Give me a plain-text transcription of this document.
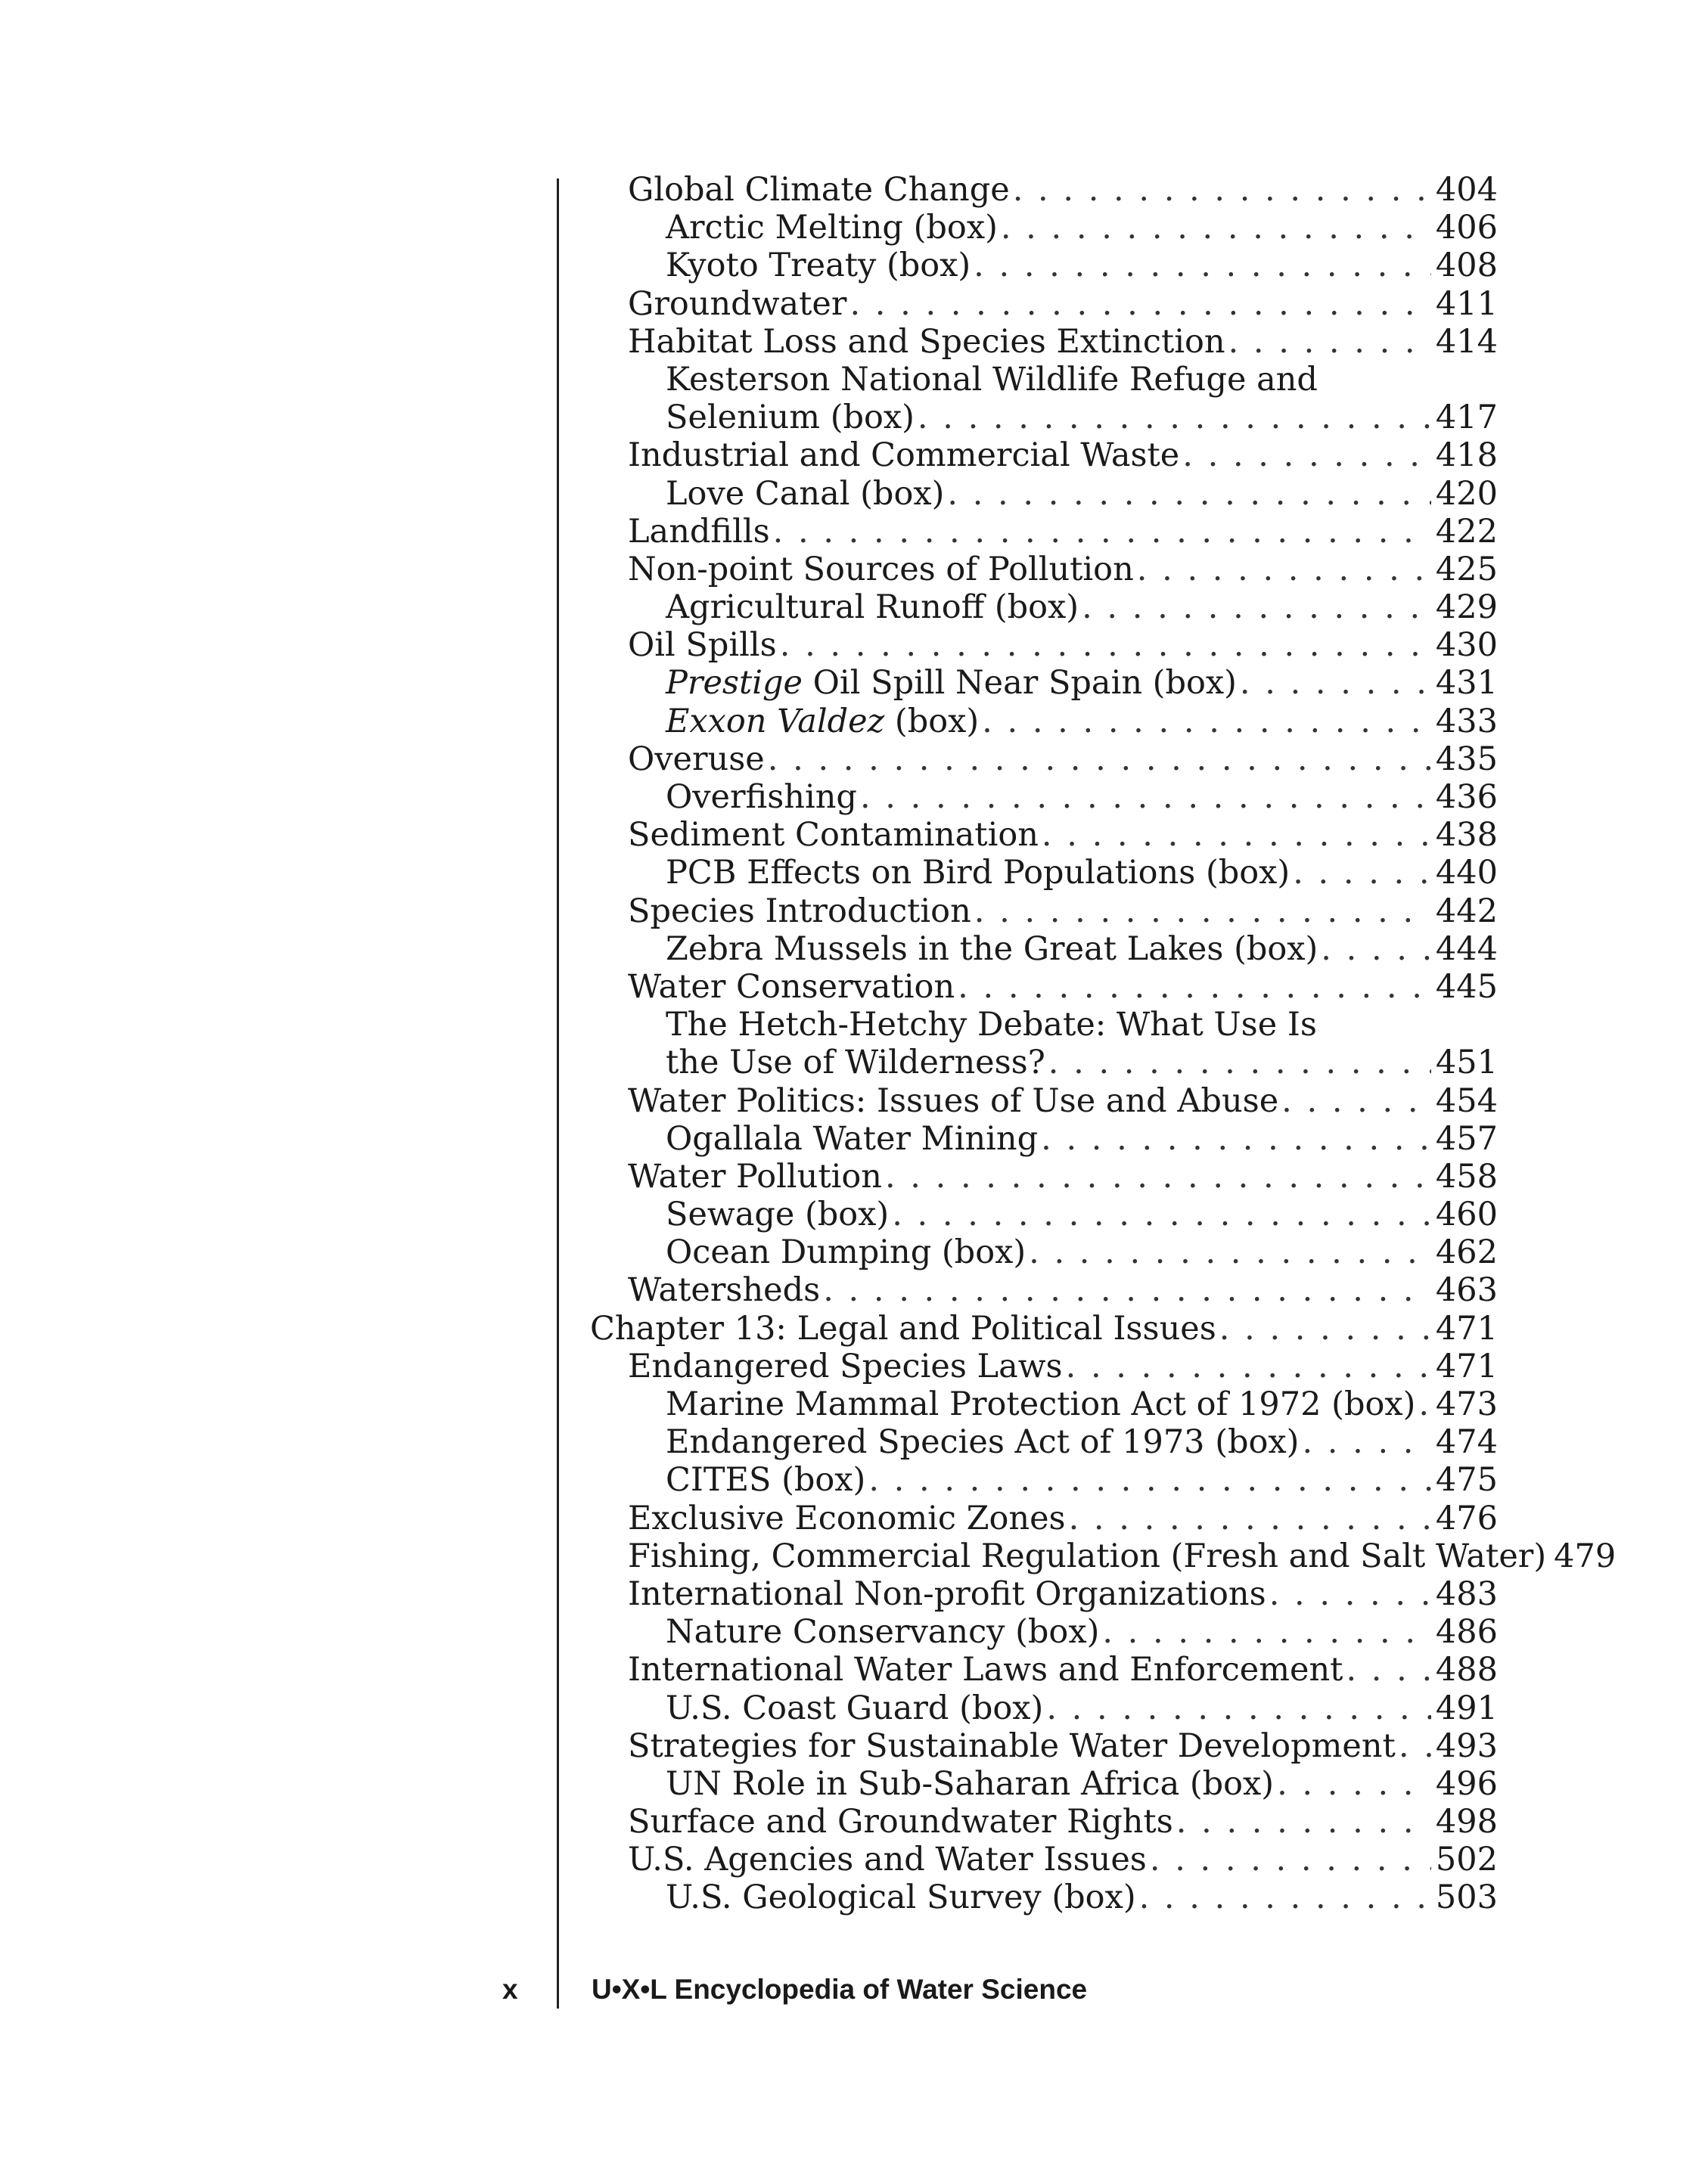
Global Climate Change . . .	404
Arctic Melting (box) . . .	406
Kyoto Treaty (box) . . .	408
Groundwater . . .	411
Habitat Loss and Species Extinction . . .	414
Kesterson National Wildlife Refuge and
Selenium (box) . . .	417
Industrial and Commercial Waste . . .	418
Love Canal (box) . . .	420
Landfills . . .	422
Non-point Sources of Pollution . . .	425
Agricultural Runoff (box) . . .	429
Oil Spills . . .	430
Prestige Oil Spill Near Spain (box) . . .	431
Exxon Valdez (box) . . .	433
Overuse . . .	435
Overfishing . . .	436
Sediment Contamination . . .	438
PCB Effects on Bird Populations (box) . . .	440
Species Introduction . . .	442
Zebra Mussels in the Great Lakes (box) . . .	444
Water Conservation . . .	445
The Hetch-Hetchy Debate: What Use Is
the Use of Wilderness? . . .	451
Water Politics: Issues of Use and Abuse . . .	454
Ogallala Water Mining . . .	457
Water Pollution . . .	458
Sewage (box) . . .	460
Ocean Dumping (box) . . .	462
Watersheds . . .	463
Chapter 13: Legal and Political Issues . . .	471
Endangered Species Laws . . .	471
Marine Mammal Protection Act of 1972 (box) . . . 473
Endangered Species Act of 1973 (box) . . .	474
CITES (box) . . .	475
Exclusive Economic Zones . . .	476
Fishing, Commercial Regulation (Fresh and Salt Water) 479
International Non-profit Organizations . . .	483
Nature Conservancy (box) . . .	486
International Water Laws and Enforcement . . .	488
U.S. Coast Guard (box) . . .	491
Strategies for Sustainable Water Development . . . 493
UN Role in Sub-Saharan Africa (box) . . .	496
Surface and Groundwater Rights . . .	498
U.S. Agencies and Water Issues . . .	502
U.S. Geological Survey (box) . . .	503
x	U•X•L Encyclopedia of Water Science
